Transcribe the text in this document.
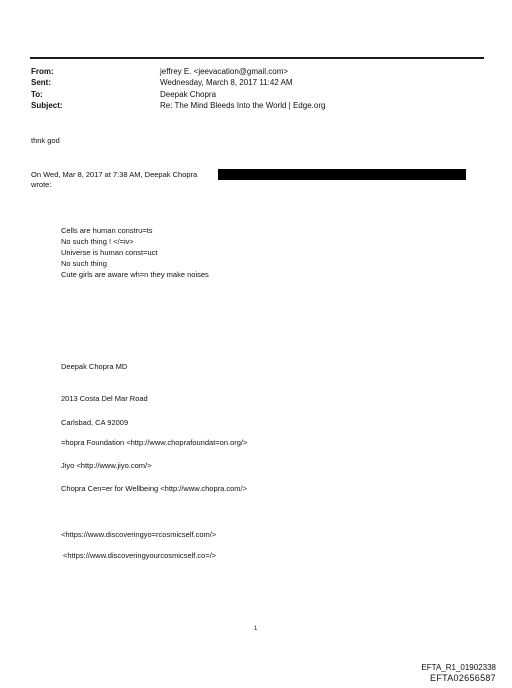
From:	jeffrey E. <jeevacation@gmail.com>
Sent:	Wednesday, March 8, 2017 11:42 AM
To:	Deepak Chopra
Subject:	Re: The Mind Bleeds Into the World | Edge.org
thnk god
On Wed, Mar 8, 2017 at 7:38 AM, Deepak Chopra
wrote:
Cells are human constru=ts
No such thing ! </=iv>
Universe is human const=uct
No such thing
Cute girls are aware wh=n they make noises
Deepak Chopra MD
2013 Costa Del Mar Road
Carlsbad, CA 92009
=hopra Foundation <http://www.choprafoundat=on.org/>
Jiyo <http://www.jiyo.com/>
Chopra Cen=er for Wellbeing <http://www.chopra.com/>
<https://www.discoveringyo=rcosmicself.com/>
<https://www.discoveringyourcosmicself.co=/>
1
EFTA_R1_01902338
EFTA02656587
